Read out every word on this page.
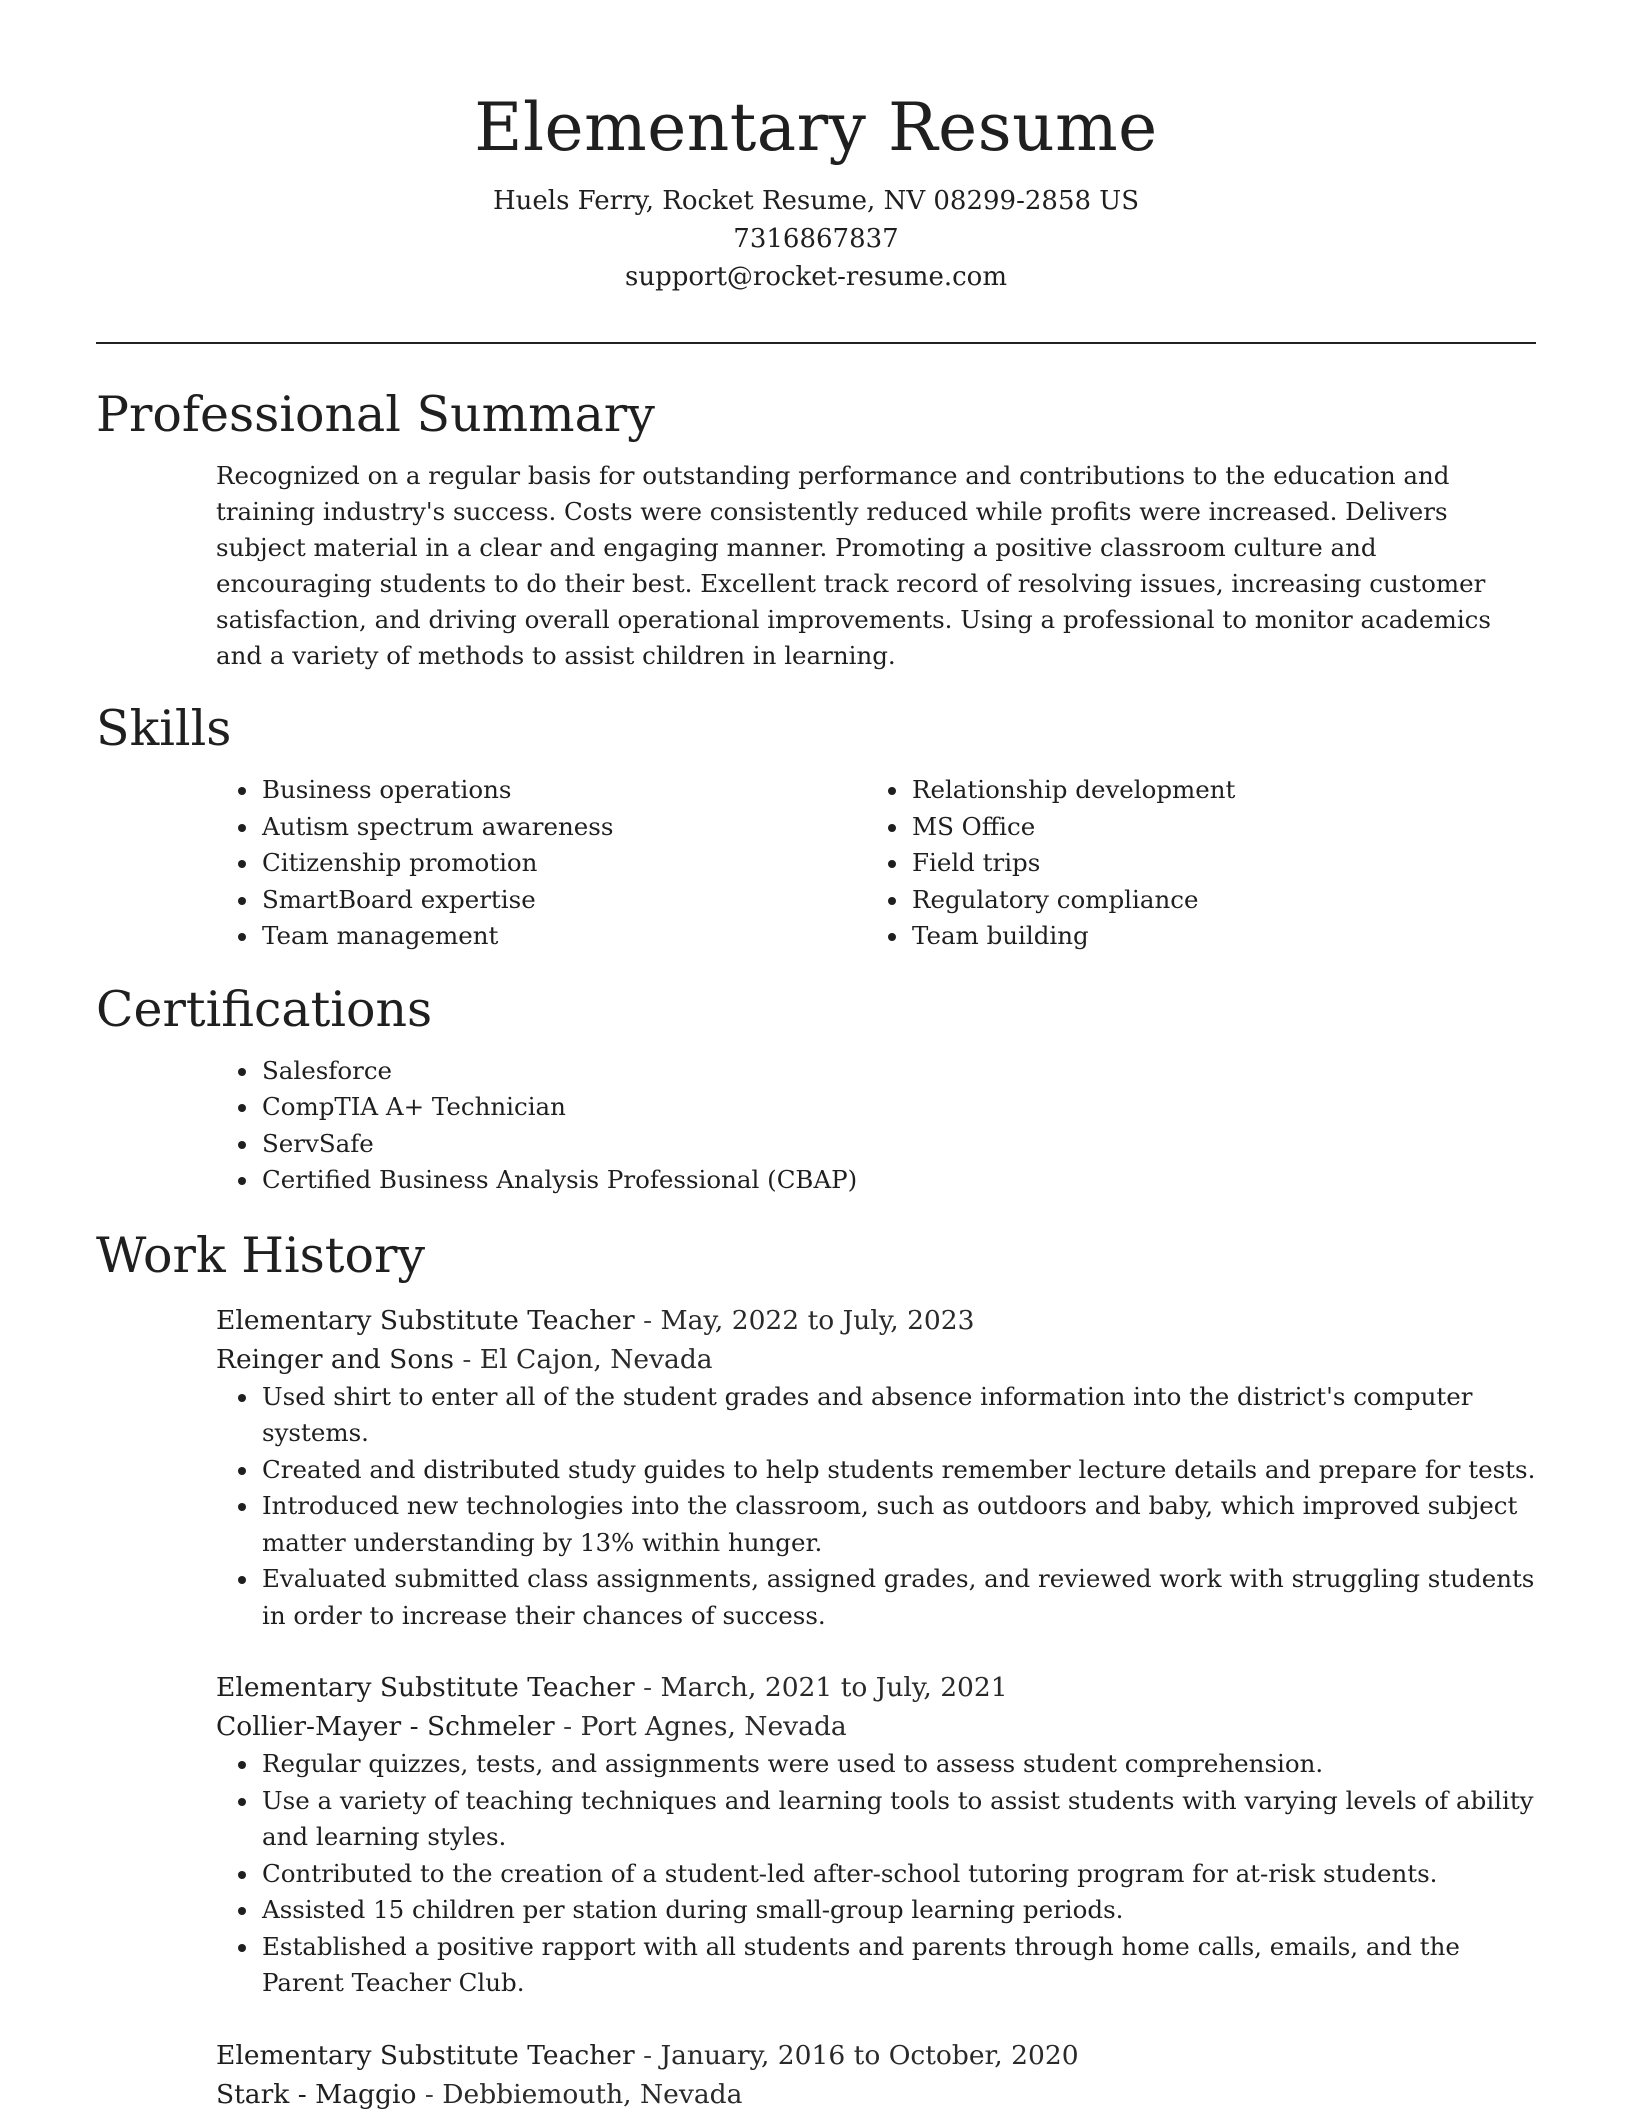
Elementary Resume
Huels Ferry, Rocket Resume, NV 08299-2858 US
7316867837
support@rocket-resume.com
Professional Summary

Recognized on a regular basis for outstanding performance and contributions to the education and training industry's success. Costs were consistently reduced while profits were increased. Delivers subject material in a clear and engaging manner. Promoting a positive classroom culture and encouraging students to do their best. Excellent track record of resolving issues, increasing customer satisfaction, and driving overall operational improvements. Using a professional to monitor academics and a variety of methods to assist children in learning.

Skills
• Business operations
• Autism spectrum awareness
• Citizenship promotion
• SmartBoard expertise
• Team management
• Relationship development
• MS Office
• Field trips
• Regulatory compliance
• Team building
Certifications
• Salesforce
• CompTIA A+ Technician
• ServSafe
• Certified Business Analysis Professional (CBAP)
Work History
Elementary Substitute Teacher - May, 2022 to July, 2023
Reinger and Sons - El Cajon, Nevada
• Used shirt to enter all of the student grades and absence information into the district's computer systems.
• Created and distributed study guides to help students remember lecture details and prepare for tests.
• Introduced new technologies into the classroom, such as outdoors and baby, which improved subject matter understanding by 13% within hunger.
• Evaluated submitted class assignments, assigned grades, and reviewed work with struggling students in order to increase their chances of success.
Elementary Substitute Teacher - March, 2021 to July, 2021
Collier-Mayer - Schmeler - Port Agnes, Nevada
• Regular quizzes, tests, and assignments were used to assess student comprehension.
• Use a variety of teaching techniques and learning tools to assist students with varying levels of ability and learning styles.
• Contributed to the creation of a student-led after-school tutoring program for at-risk students.
• Assisted 15 children per station during small-group learning periods.
• Established a positive rapport with all students and parents through home calls, emails, and the Parent Teacher Club.
Elementary Substitute Teacher - January, 2016 to October, 2020
Stark - Maggio - Debbiemouth, Nevada
